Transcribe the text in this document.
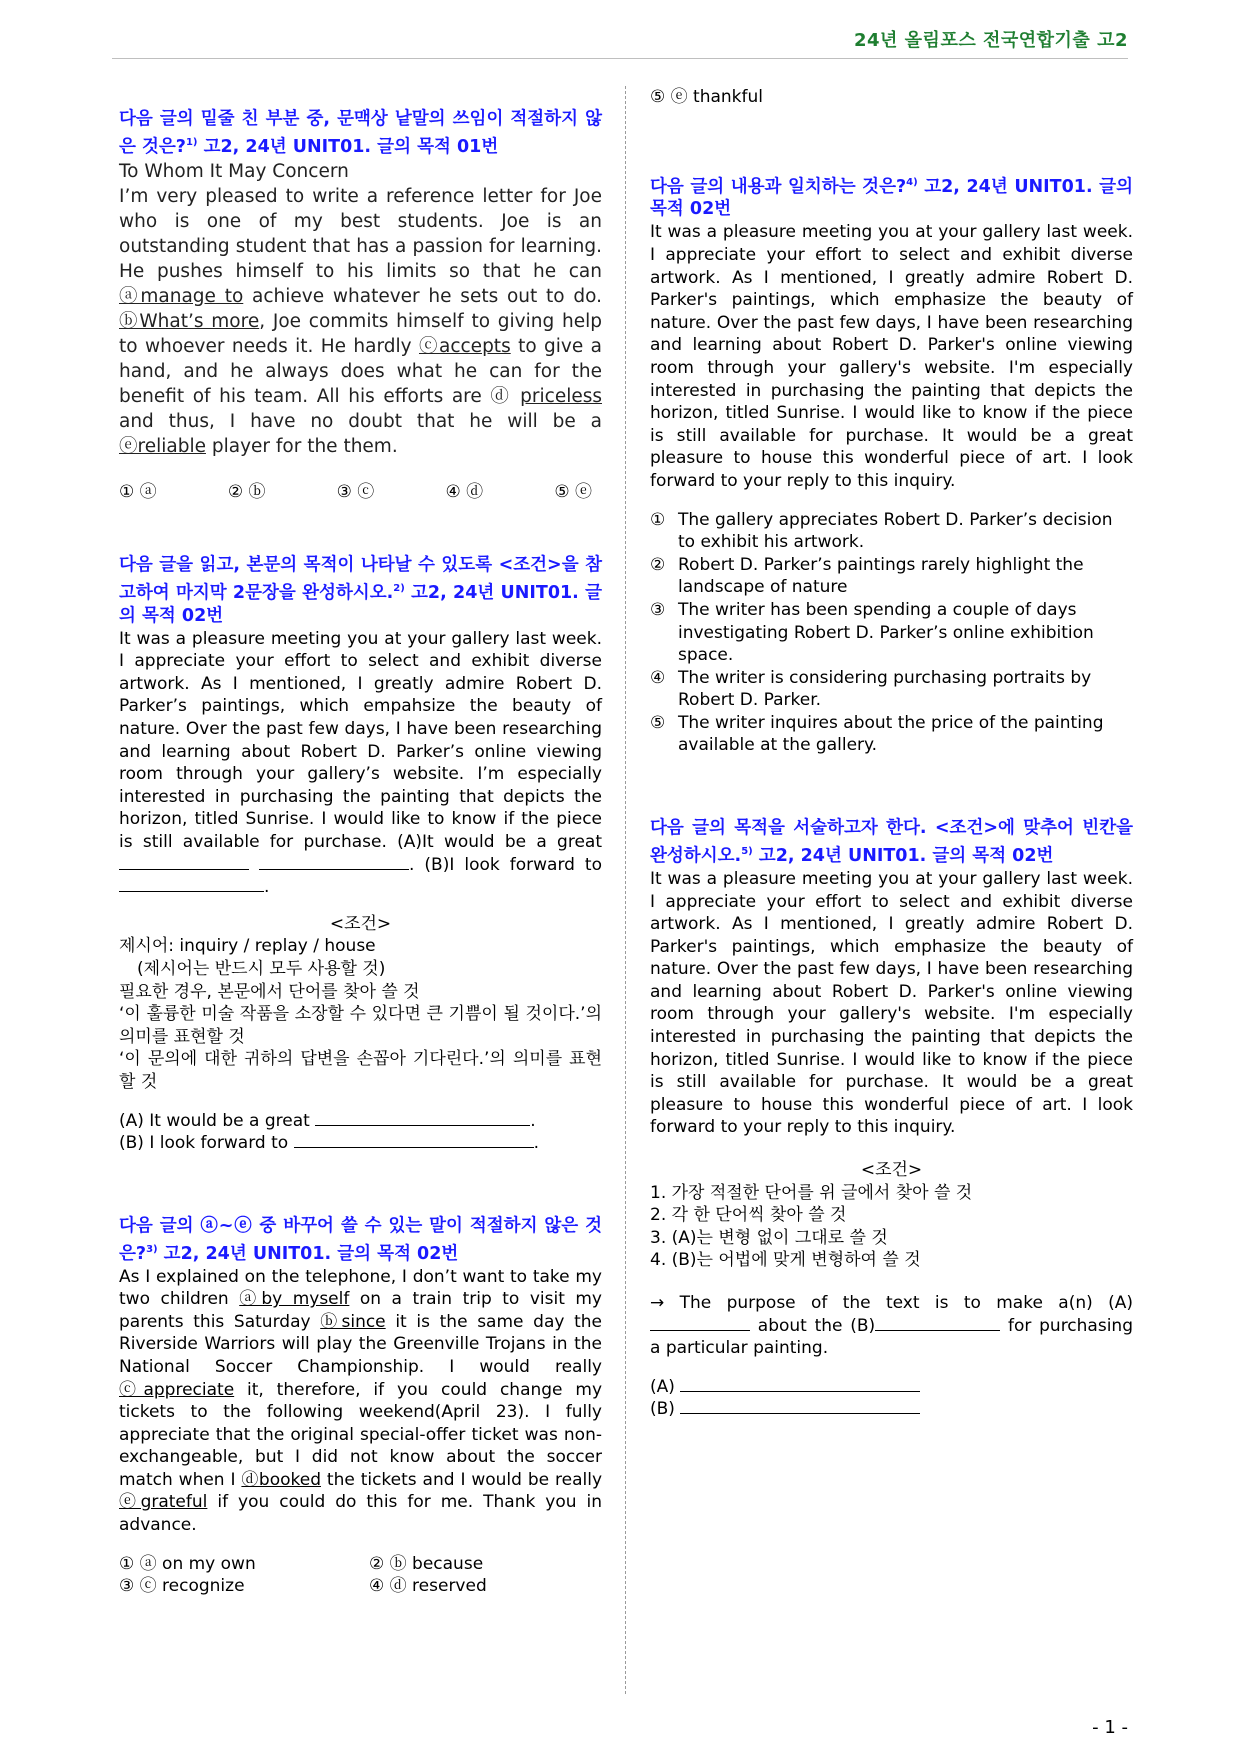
24년 올림포스 전국연합기출 고2
다음 글의 밑줄 친 부분 중, 문맥상 낱말의 쓰임이 적절하지 않은 것은?$^{1)}$ 고2, 24년 UNIT01. 글의 목적 01번

To Whom It May Concern

I’m very pleased to write a reference letter for Joe who is one of my best students. Joe is an outstanding student that has a passion for learning. He pushes himself to his limits so that he can ⓐmanage to achieve whatever he sets out to do. ⓑWhat’s more, Joe commits himself to giving help to whoever needs it. He hardly ⓒaccepts to give a hand, and he always does what he can for the benefit of his team. All his efforts are ⓓ priceless and thus, I have no doubt that he will be a ⓔreliable player for the them.

① ⓐ	② ⓑ	③ ⓒ	④ ⓓ	⑤ ⓔ
다음 글을 읽고, 본문의 목적이 나타날 수 있도록 <조건>을 참고하여 마지막 2문장을 완성하시오.$^{2)}$ 고2, 24년 UNIT01. 글의 목적 02번

It was a pleasure meeting you at your gallery last week. I appreciate your effort to select and exhibit diverse artwork. As I mentioned, I greatly admire Robert D. Parker’s paintings, which empahsize the beauty of nature. Over the past few days, I have been researching and learning about Robert D. Parker’s online viewing room through your gallery’s website. I’m especially interested in purchasing the painting that depicts the horizon, titled Sunrise. I would like to know if the piece is still available for purchase. (A)It would be a great  . (B)I look forward to .

<조건>
제시어: inquiry / replay / house
(제시어는 반드시 모두 사용할 것)
필요한 경우, 본문에서 단어를 찾아 쓸 것
‘이 훌륭한 미술 작품을 소장할 수 있다면 큰 기쁨이 될 것이다.’의 의미를 표현할 것
‘이 문의에 대한 귀하의 답변을 손꼽아 기다린다.’의 의미를 표현할 것
(A) It would be a great	.
(B) I look forward to	.
다음 글의 ⓐ~ⓔ 중 바꾸어 쓸 수 있는 말이 적절하지 않은 것은?$^{3)}$ 고2, 24년 UNIT01. 글의 목적 02번

As I explained on the telephone, I don’t want to take my two children ⓐby myself on a train trip to visit my parents this Saturday ⓑsince it is the same day the Riverside Warriors will play the Greenville Trojans in the National Soccer Championship. I would really ⓒappreciate it, therefore, if you could change my tickets to the following weekend(April 23). I fully appreciate that the original special-offer ticket was non-exchangeable, but I did not know about the soccer match when I ⓓbooked the tickets and I would be really ⓔgrateful if you could do this for me. Thank you in advance.

① ⓐ on my own	② ⓑ because
③ ⓒ recognize	④ ⓓ reserved
⑤ ⓔ thankful
다음 글의 내용과 일치하는 것은?$^{4)}$ 고2, 24년 UNIT01. 글의 목적 02번

It was a pleasure meeting you at your gallery last week. I appreciate your effort to select and exhibit diverse artwork. As I mentioned, I greatly admire Robert D. Parker's paintings, which emphasize the beauty of nature. Over the past few days, I have been researching and learning about Robert D. Parker's online viewing room through your gallery's website. I'm especially interested in purchasing the painting that depicts the horizon, titled Sunrise. I would like to know if the piece is still available for purchase. It would be a great pleasure to house this wonderful piece of art. I look forward to your reply to this inquiry.

① The gallery appreciates Robert D. Parker’s decision to exhibit his artwork.
② Robert D. Parker’s paintings rarely highlight the landscape of nature
③ The writer has been spending a couple of days investigating Robert D. Parker’s online exhibition space.
④ The writer is considering purchasing portraits by Robert D. Parker.
⑤ The writer inquires about the price of the painting available at the gallery.
다음 글의 목적을 서술하고자 한다. <조건>에 맞추어 빈칸을 완성하시오.$^{5)}$ 고2, 24년 UNIT01. 글의 목적 02번

It was a pleasure meeting you at your gallery last week. I appreciate your effort to select and exhibit diverse artwork. As I mentioned, I greatly admire Robert D. Parker's paintings, which emphasize the beauty of nature. Over the past few days, I have been researching and learning about Robert D. Parker's online viewing room through your gallery's website. I'm especially interested in purchasing the painting that depicts the horizon, titled Sunrise. I would like to know if the piece is still available for purchase. It would be a great pleasure to house this wonderful piece of art. I look forward to your reply to this inquiry.

<조건>
1. 가장 적절한 단어를 위 글에서 찾아 쓸 것
2. 각 한 단어씩 찾아 쓸 것
3. (A)는 변형 없이 그대로 쓸 것
4. (B)는 어법에 맞게 변형하여 쓸 것

→ The purpose of the text is to make a(n) (A) about the (B)	for purchasing a particular painting.

(A)
(B)
- 1 -
